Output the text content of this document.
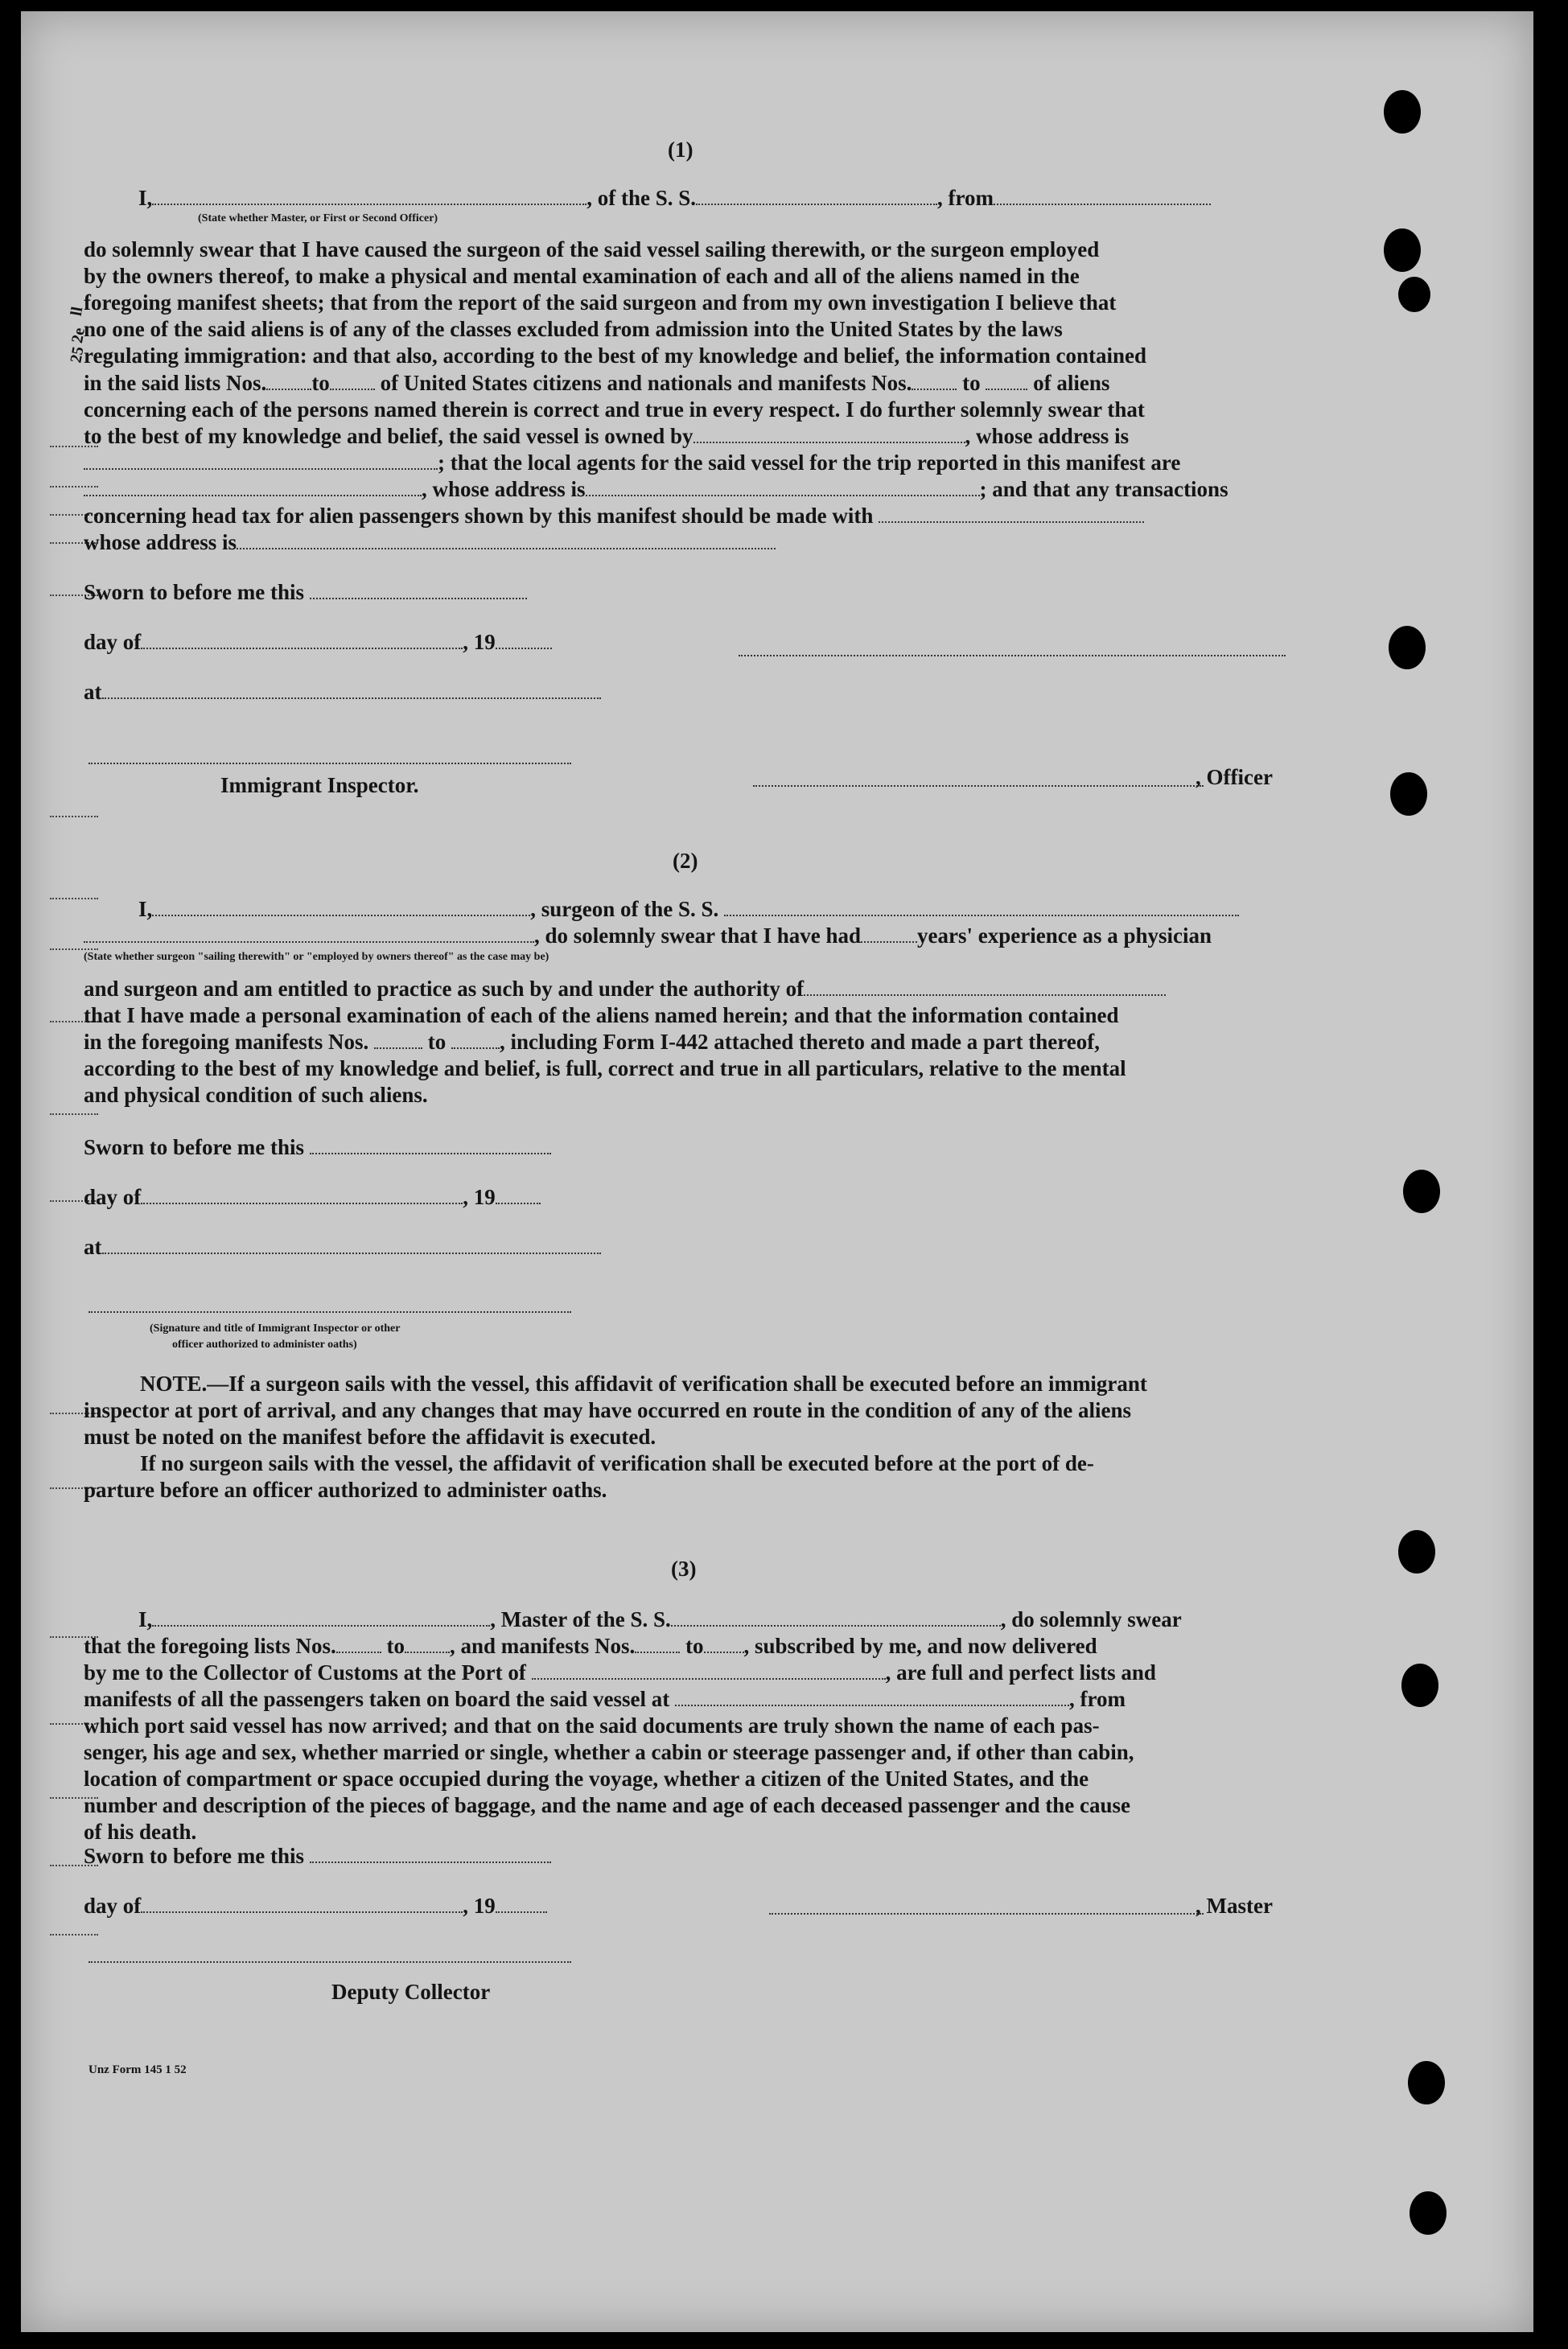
ll
2e
25
(1)
I,	, of the S. S.	, from
(State whether Master, or First or Second Officer)
do solemnly swear that I have caused the surgeon of the said vessel sailing therewith, or the surgeon employed
by the owners thereof, to make a physical and mental examination of each and all of the aliens named in the
foregoing manifest sheets; that from the report of the said surgeon and from my own investigation I believe that
no one of the said aliens is of any of the classes excluded from admission into the United States by the laws
regulating immigration: and that also, according to the best of my knowledge and belief, the information contained
in the said lists Nos. to of United States citizens and nationals and manifests Nos. to of aliens
concerning each of the persons named therein is correct and true in every respect. I do further solemnly swear that
to the best of my knowledge and belief, the said vessel is owned by	, whose address is
; that the local agents for the said vessel for the trip reported in this manifest are
, whose address is	; and that any transactions
concerning head tax for alien passengers shown by this manifest should be made with
whose address is
Sworn to before me this
day of	, 19
at
Immigrant Inspector.	, Officer
(2)
I,	, surgeon of the S. S.
, do solemnly swear that I have had	years' experience as a physician
(State whether surgeon "sailing therewith" or "employed by owners thereof" as the case may be)
and surgeon and am entitled to practice as such by and under the authority of
that I have made a personal examination of each of the aliens named herein; and that the information contained
in the foregoing manifests Nos.	to , including Form I-442 attached thereto and made a part thereof,
according to the best of my knowledge and belief, is full, correct and true in all particulars, relative to the mental
and physical condition of such aliens.
Sworn to before me this
day of	, 19
at
(Signature and title of Immigrant Inspector or other
officer authorized to administer oaths)
NOTE.—If a surgeon sails with the vessel, this affidavit of verification shall be executed before an immigrant
inspector at port of arrival, and any changes that may have occurred en route in the condition of any of the aliens
must be noted on the manifest before the affidavit is executed.
If no surgeon sails with the vessel, the affidavit of verification shall be executed before at the port of de-
parture before an officer authorized to administer oaths.
(3)
I,	, Master of the S. S.	, do solemnly swear
that the foregoing lists Nos. to , and manifests Nos. to , subscribed by me, and now delivered
by me to the Collector of Customs at the Port of	, are full and perfect lists and
manifests of all the passengers taken on board the said vessel at	, from
which port said vessel has now arrived; and that on the said documents are truly shown the name of each pas-
senger, his age and sex, whether married or single, whether a cabin or steerage passenger and, if other than cabin,
location of compartment or space occupied during the voyage, whether a citizen of the United States, and the
number and description of the pieces of baggage, and the name and age of each deceased passenger and the cause
of his death.
Sworn to before me this
day of	, 19	, Master
Deputy Collector
Unz Form 145 1 52
